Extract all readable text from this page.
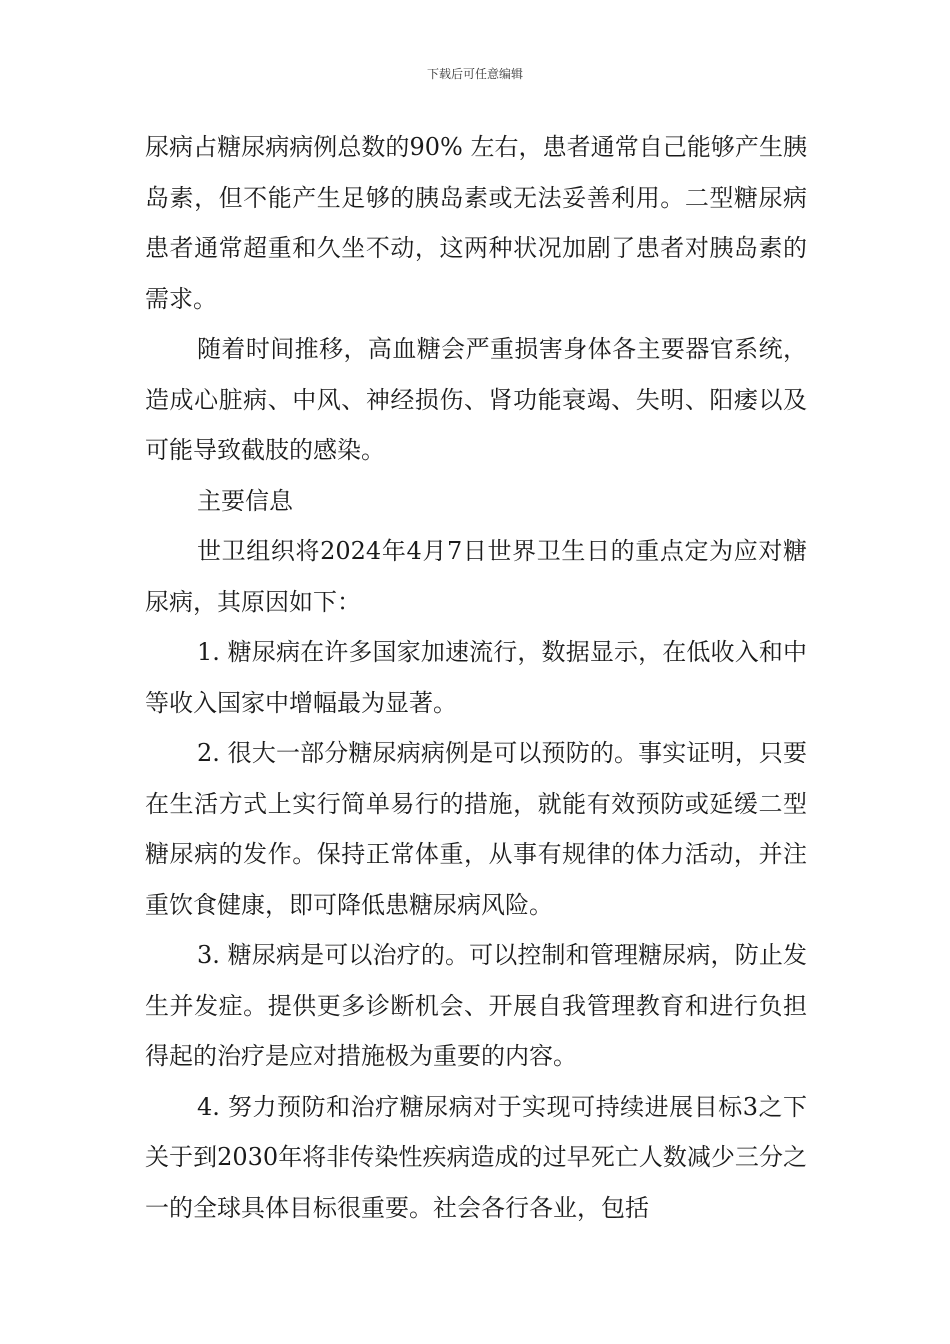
下载后可任意编辑

尿病占糖尿病病例总数的90% 左右，患者通常自己能够产生胰岛素，但不能产生足够的胰岛素或无法妥善利用。二型糖尿病患者通常超重和久坐不动，这两种状况加剧了患者对胰岛素的需求。

随着时间推移，高血糖会严重损害身体各主要器官系统，造成心脏病、中风、神经损伤、肾功能衰竭、失明、阳痿以及可能导致截肢的感染。

主要信息

世卫组织将2024年4月7日世界卫生日的重点定为应对糖尿病，其原因如下：

1. 糖尿病在许多国家加速流行，数据显示，在低收入和中等收入国家中增幅最为显著。

2. 很大一部分糖尿病病例是可以预防的。事实证明，只要在生活方式上实行简单易行的措施，就能有效预防或延缓二型糖尿病的发作。保持正常体重，从事有规律的体力活动，并注重饮食健康，即可降低患糖尿病风险。

3. 糖尿病是可以治疗的。可以控制和管理糖尿病，防止发生并发症。提供更多诊断机会、开展自我管理教育和进行负担得起的治疗是应对措施极为重要的内容。

4. 努力预防和治疗糖尿病对于实现可持续进展目标3之下关于到2030年将非传染性疾病造成的过早死亡人数减少三分之一的全球具体目标很重要。社会各行各业，包括
